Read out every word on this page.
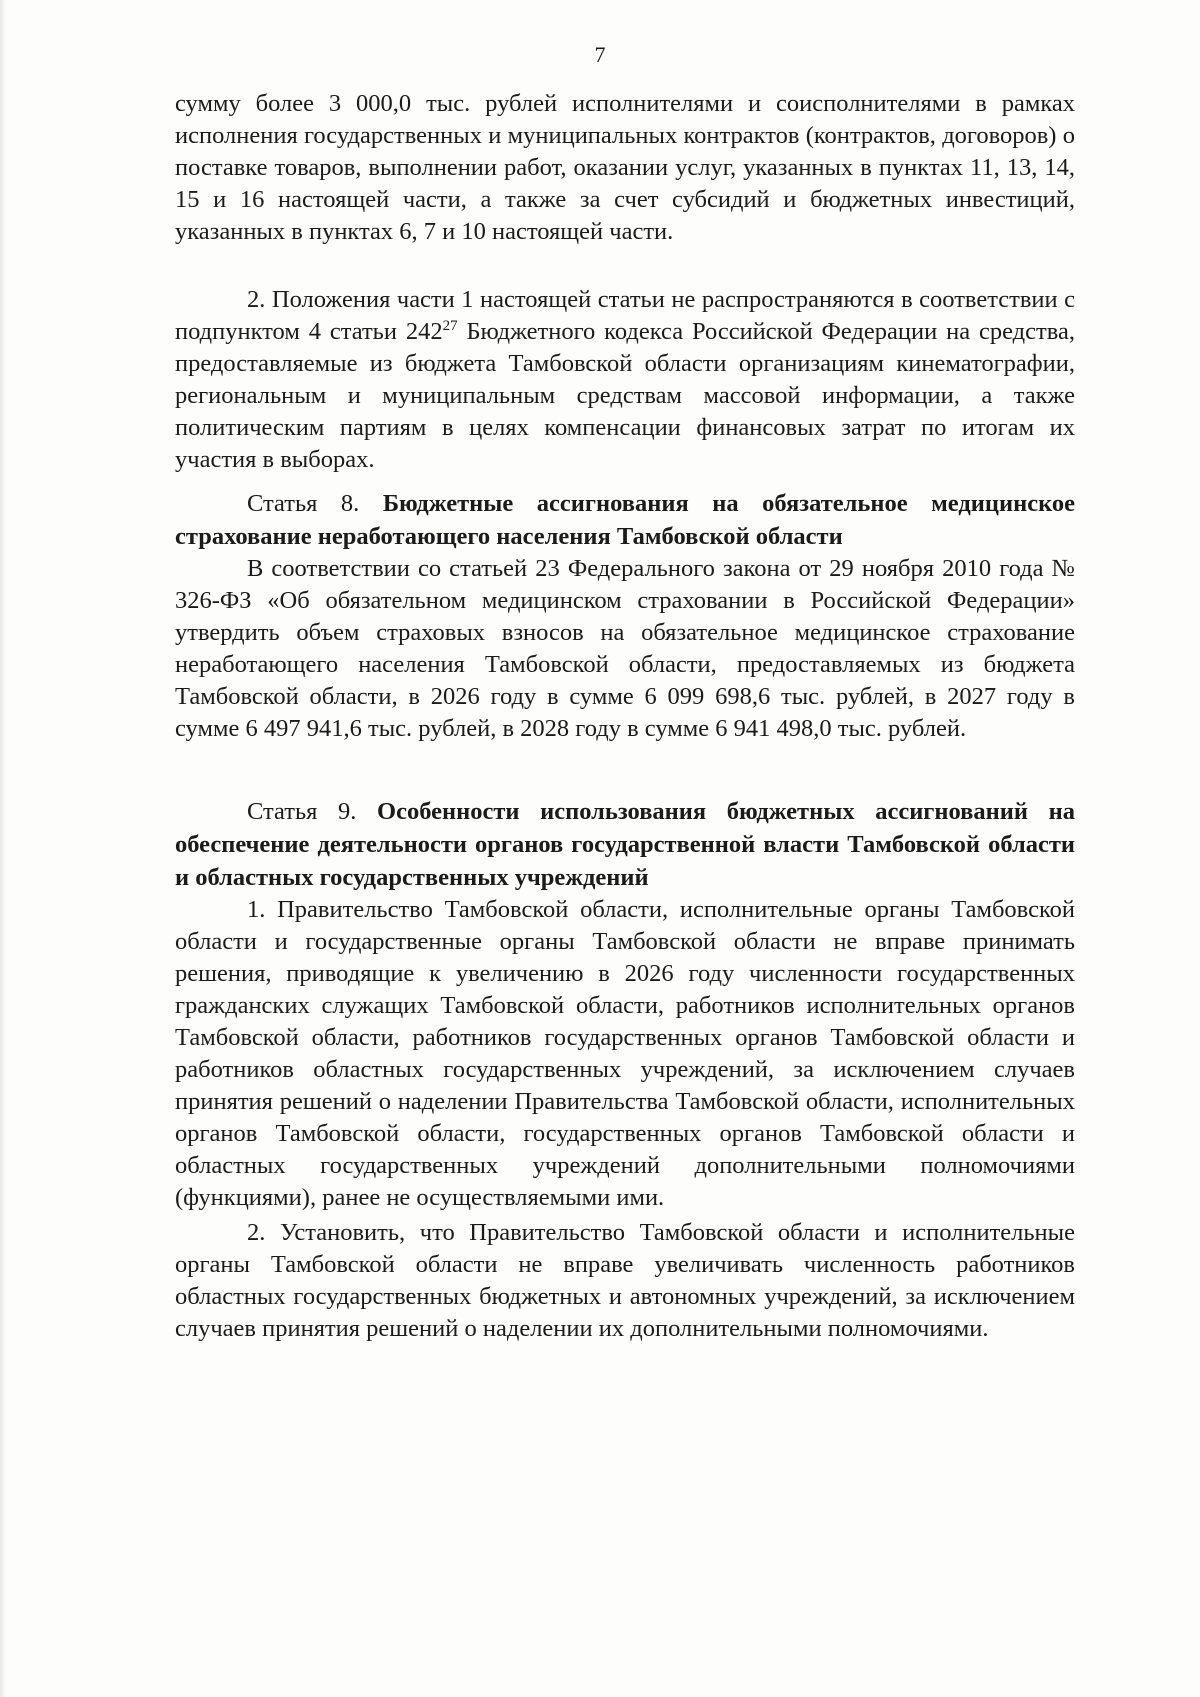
7

сумму более 3 000,0 тыс. рублей исполнителями и соисполнителями в рамках исполнения государственных и муниципальных контрактов (контрактов, договоров) о поставке товаров, выполнении работ, оказании услуг, указанных в пунктах 11, 13, 14, 15 и 16 настоящей части, а также за счет субсидий и бюджетных инвестиций, указанных в пунктах 6, 7 и 10 настоящей части.

2. Положения части 1 настоящей статьи не распространяются в соответствии с подпунктом 4 статьи $242^{27}$ Бюджетного кодекса Российской Федерации на средства, предоставляемые из бюджета Тамбовской области организациям кинематографии, региональным и муниципальным средствам массовой информации, а также политическим партиям в целях компенсации финансовых затрат по итогам их участия в выборах.

Статья 8. Бюджетные ассигнования на обязательное медицинское страхование неработающего населения Тамбовской области

В соответствии со статьей 23 Федерального закона от 29 ноября 2010 года № 326-ФЗ «Об обязательном медицинском страховании в Российской Федерации» утвердить объем страховых взносов на обязательное медицинское страхование неработающего населения Тамбовской области, предоставляемых из бюджета Тамбовской области, в 2026 году в сумме 6 099 698,6 тыс. рублей, в 2027 году в сумме 6 497 941,6 тыс. рублей, в 2028 году в сумме 6 941 498,0 тыс. рублей.

Статья 9. Особенности использования бюджетных ассигнований на обеспечение деятельности органов государственной власти Тамбовской области и областных государственных учреждений

1. Правительство Тамбовской области, исполнительные органы Тамбовской области и государственные органы Тамбовской области не вправе принимать решения, приводящие к увеличению в 2026 году численности государственных гражданских служащих Тамбовской области, работников исполнительных органов Тамбовской области, работников государственных органов Тамбовской области и работников областных государственных учреждений, за исключением случаев принятия решений о наделении Правительства Тамбовской области, исполнительных органов Тамбовской области, государственных органов Тамбовской области и областных государственных учреждений дополнительными полномочиями (функциями), ранее не осуществляемыми ими.

2. Установить, что Правительство Тамбовской области и исполнительные органы Тамбовской области не вправе увеличивать численность работников областных государственных бюджетных и автономных учреждений, за исключением случаев принятия решений о наделении их дополнительными полномочиями.
